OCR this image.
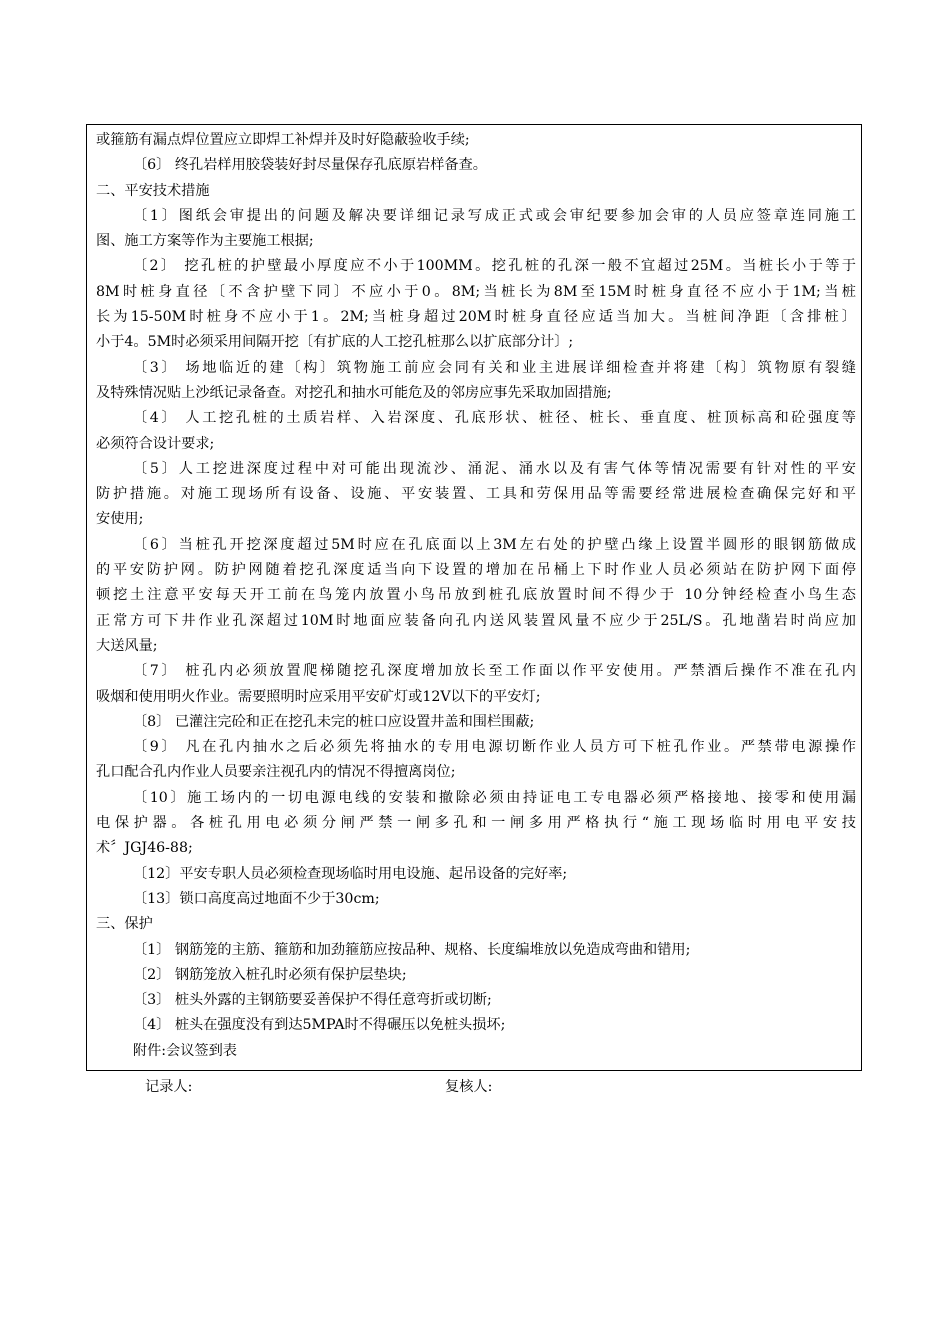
或箍筋有漏点焊位置应立即焊工补焊并及时好隐蔽验收手续;

〔6〕 终孔岩样用胶袋装好封尽量保存孔底原岩样备查。

二、平安技术措施

〔1〕图纸会审提出的问题及解决要详细记录写成正式或会审纪要参加会审的人员应签章连同施工

图、施工方案等作为主要施工根据;

〔2〕 挖孔桩的护壁最小厚度应不小于100MM。挖孔桩的孔深一般不宜超过25M。当桩长小于等于

8M时桩身直径〔不含护壁下同〕不应小于0。8M;当桩长为8M至15M时桩身直径不应小于1M;当桩

长为15-50M时桩身不应小于1。2M;当桩身超过20M时桩身直径应适当加大。当桩间净距〔含排桩〕

小于4。5M时必须采用间隔开挖〔有扩底的人工挖孔桩那么以扩底部分计〕;

〔3〕 场地临近的建〔构〕筑物施工前应会同有关和业主进展详细检查并将建〔构〕筑物原有裂缝

及特殊情况贴上沙纸记录备查。对挖孔和抽水可能危及的邻房应事先采取加固措施;

〔4〕 人工挖孔桩的土质岩样、入岩深度、孔底形状、桩径、桩长、垂直度、桩顶标高和砼强度等

必须符合设计要求;

〔5〕人工挖进深度过程中对可能出现流沙、涌泥、涌水以及有害气体等情况需要有针对性的平安

防护措施。对施工现场所有设备、设施、平安装置、工具和劳保用品等需要经常进展检查确保完好和平

安使用;

〔6〕当桩孔开挖深度超过5M时应在孔底面以上3M左右处的护壁凸缘上设置半圆形的眼钢筋做成

的平安防护网。防护网随着挖孔深度适当向下设置的增加在吊桶上下时作业人员必须站在防护网下面停

顿挖土注意平安每天开工前在鸟笼内放置小鸟吊放到桩孔底放置时间不得少于 10分钟经检查小鸟生态

正常方可下井作业孔深超过10M时地面应装备向孔内送风装置风量不应少于25L/S。孔地凿岩时尚应加

大送风量;

〔7〕 桩孔内必须放置爬梯随挖孔深度增加放长至工作面以作平安使用。严禁酒后操作不准在孔内

吸烟和使用明火作业。需要照明时应采用平安矿灯或12V以下的平安灯;

〔8〕 已灌注完砼和正在挖孔未完的桩口应设置井盖和围栏围蔽;

〔9〕 凡在孔内抽水之后必须先将抽水的专用电源切断作业人员方可下桩孔作业。严禁带电源操作

孔口配合孔内作业人员要亲注视孔内的情况不得擅离岗位;

〔10〕施工场内的一切电源电线的安装和撤除必须由持证电工专电器必须严格接地、接零和使用漏

电保护器。各桩孔用电必须分闸严禁一闸多孔和一闸多用严格执行“施工现场临时用电平安技

术〞JGJ46-88;

〔12〕平安专职人员必须检查现场临时用电设施、起吊设备的完好率;

〔13〕锁口高度高过地面不少于30cm;

三、保护

〔1〕 钢筋笼的主筋、箍筋和加劲箍筋应按品种、规格、长度编堆放以免造成弯曲和错用;

〔2〕 钢筋笼放入桩孔时必须有保护层垫块;

〔3〕 桩头外露的主钢筋要妥善保护不得任意弯折或切断;

〔4〕 桩头在强度没有到达5MPA时不得碾压以免桩头损坏;

附件:会议签到表

记录人:	复核人:
